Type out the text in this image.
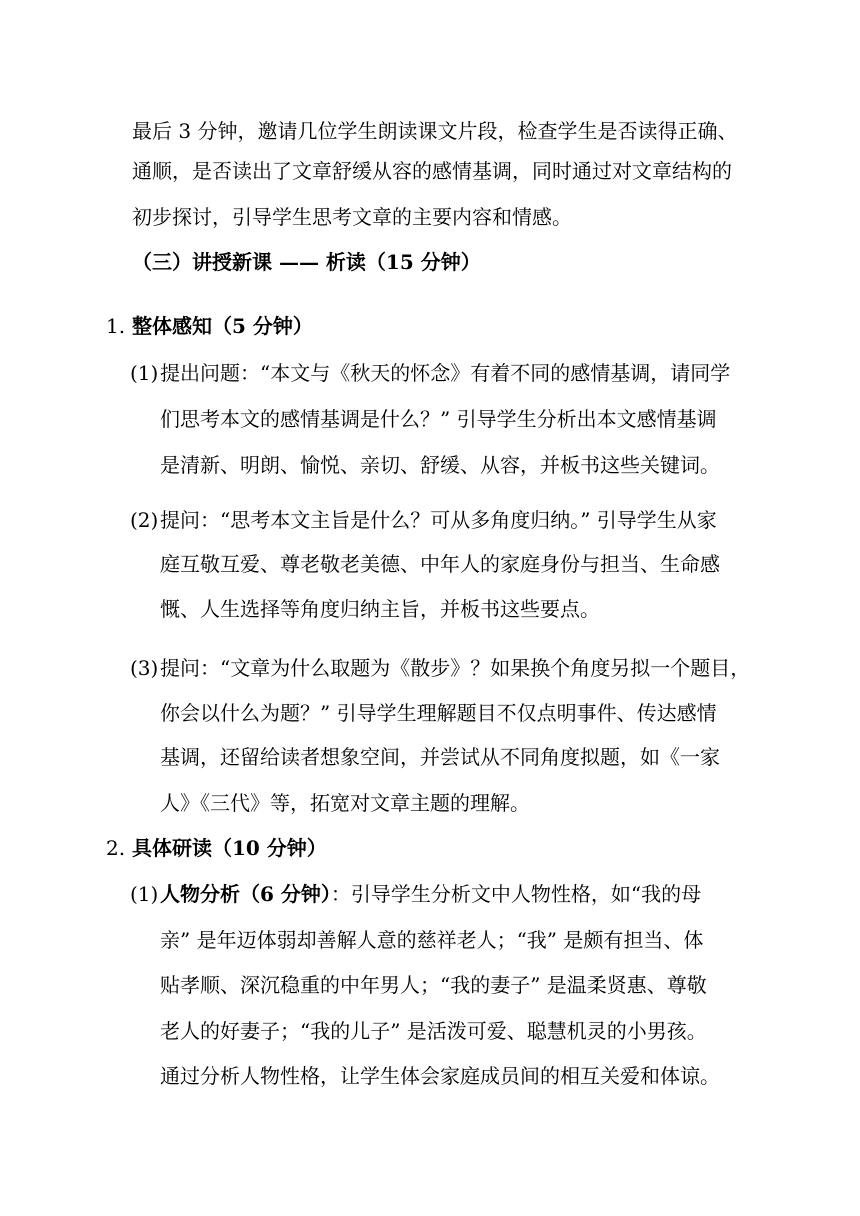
最后 3 分钟，邀请几位学生朗读课文片段，检查学生是否读得正确、
通顺，是否读出了文章舒缓从容的感情基调，同时通过对文章结构的
初步探讨，引导学生思考文章的主要内容和情感。
（三）讲授新课 —— 析读（15 分钟）
1. 整体感知（5 分钟）
(1) 提出问题：“本文与《秋天的怀念》有着不同的感情基调，请同学
们思考本文的感情基调是什么？” 引导学生分析出本文感情基调
是清新、明朗、愉悦、亲切、舒缓、从容，并板书这些关键词。
(2) 提问：“思考本文主旨是什么？可从多角度归纳。” 引导学生从家
庭互敬互爱、尊老敬老美德、中年人的家庭身份与担当、生命感
慨、人生选择等角度归纳主旨，并板书这些要点。
(3) 提问：“文章为什么取题为《散步》？如果换个角度另拟一个题目，
你会以什么为题？” 引导学生理解题目不仅点明事件、传达感情
基调，还留给读者想象空间，并尝试从不同角度拟题，如《一家
人》《三代》等，拓宽对文章主题的理解。
2. 具体研读（10 分钟）
(1) 人物分析（6 分钟）：引导学生分析文中人物性格，如“我的母
亲” 是年迈体弱却善解人意的慈祥老人；“我” 是颇有担当、体
贴孝顺、深沉稳重的中年男人；“我的妻子” 是温柔贤惠、尊敬
老人的好妻子；“我的儿子” 是活泼可爱、聪慧机灵的小男孩。
通过分析人物性格，让学生体会家庭成员间的相互关爱和体谅。
